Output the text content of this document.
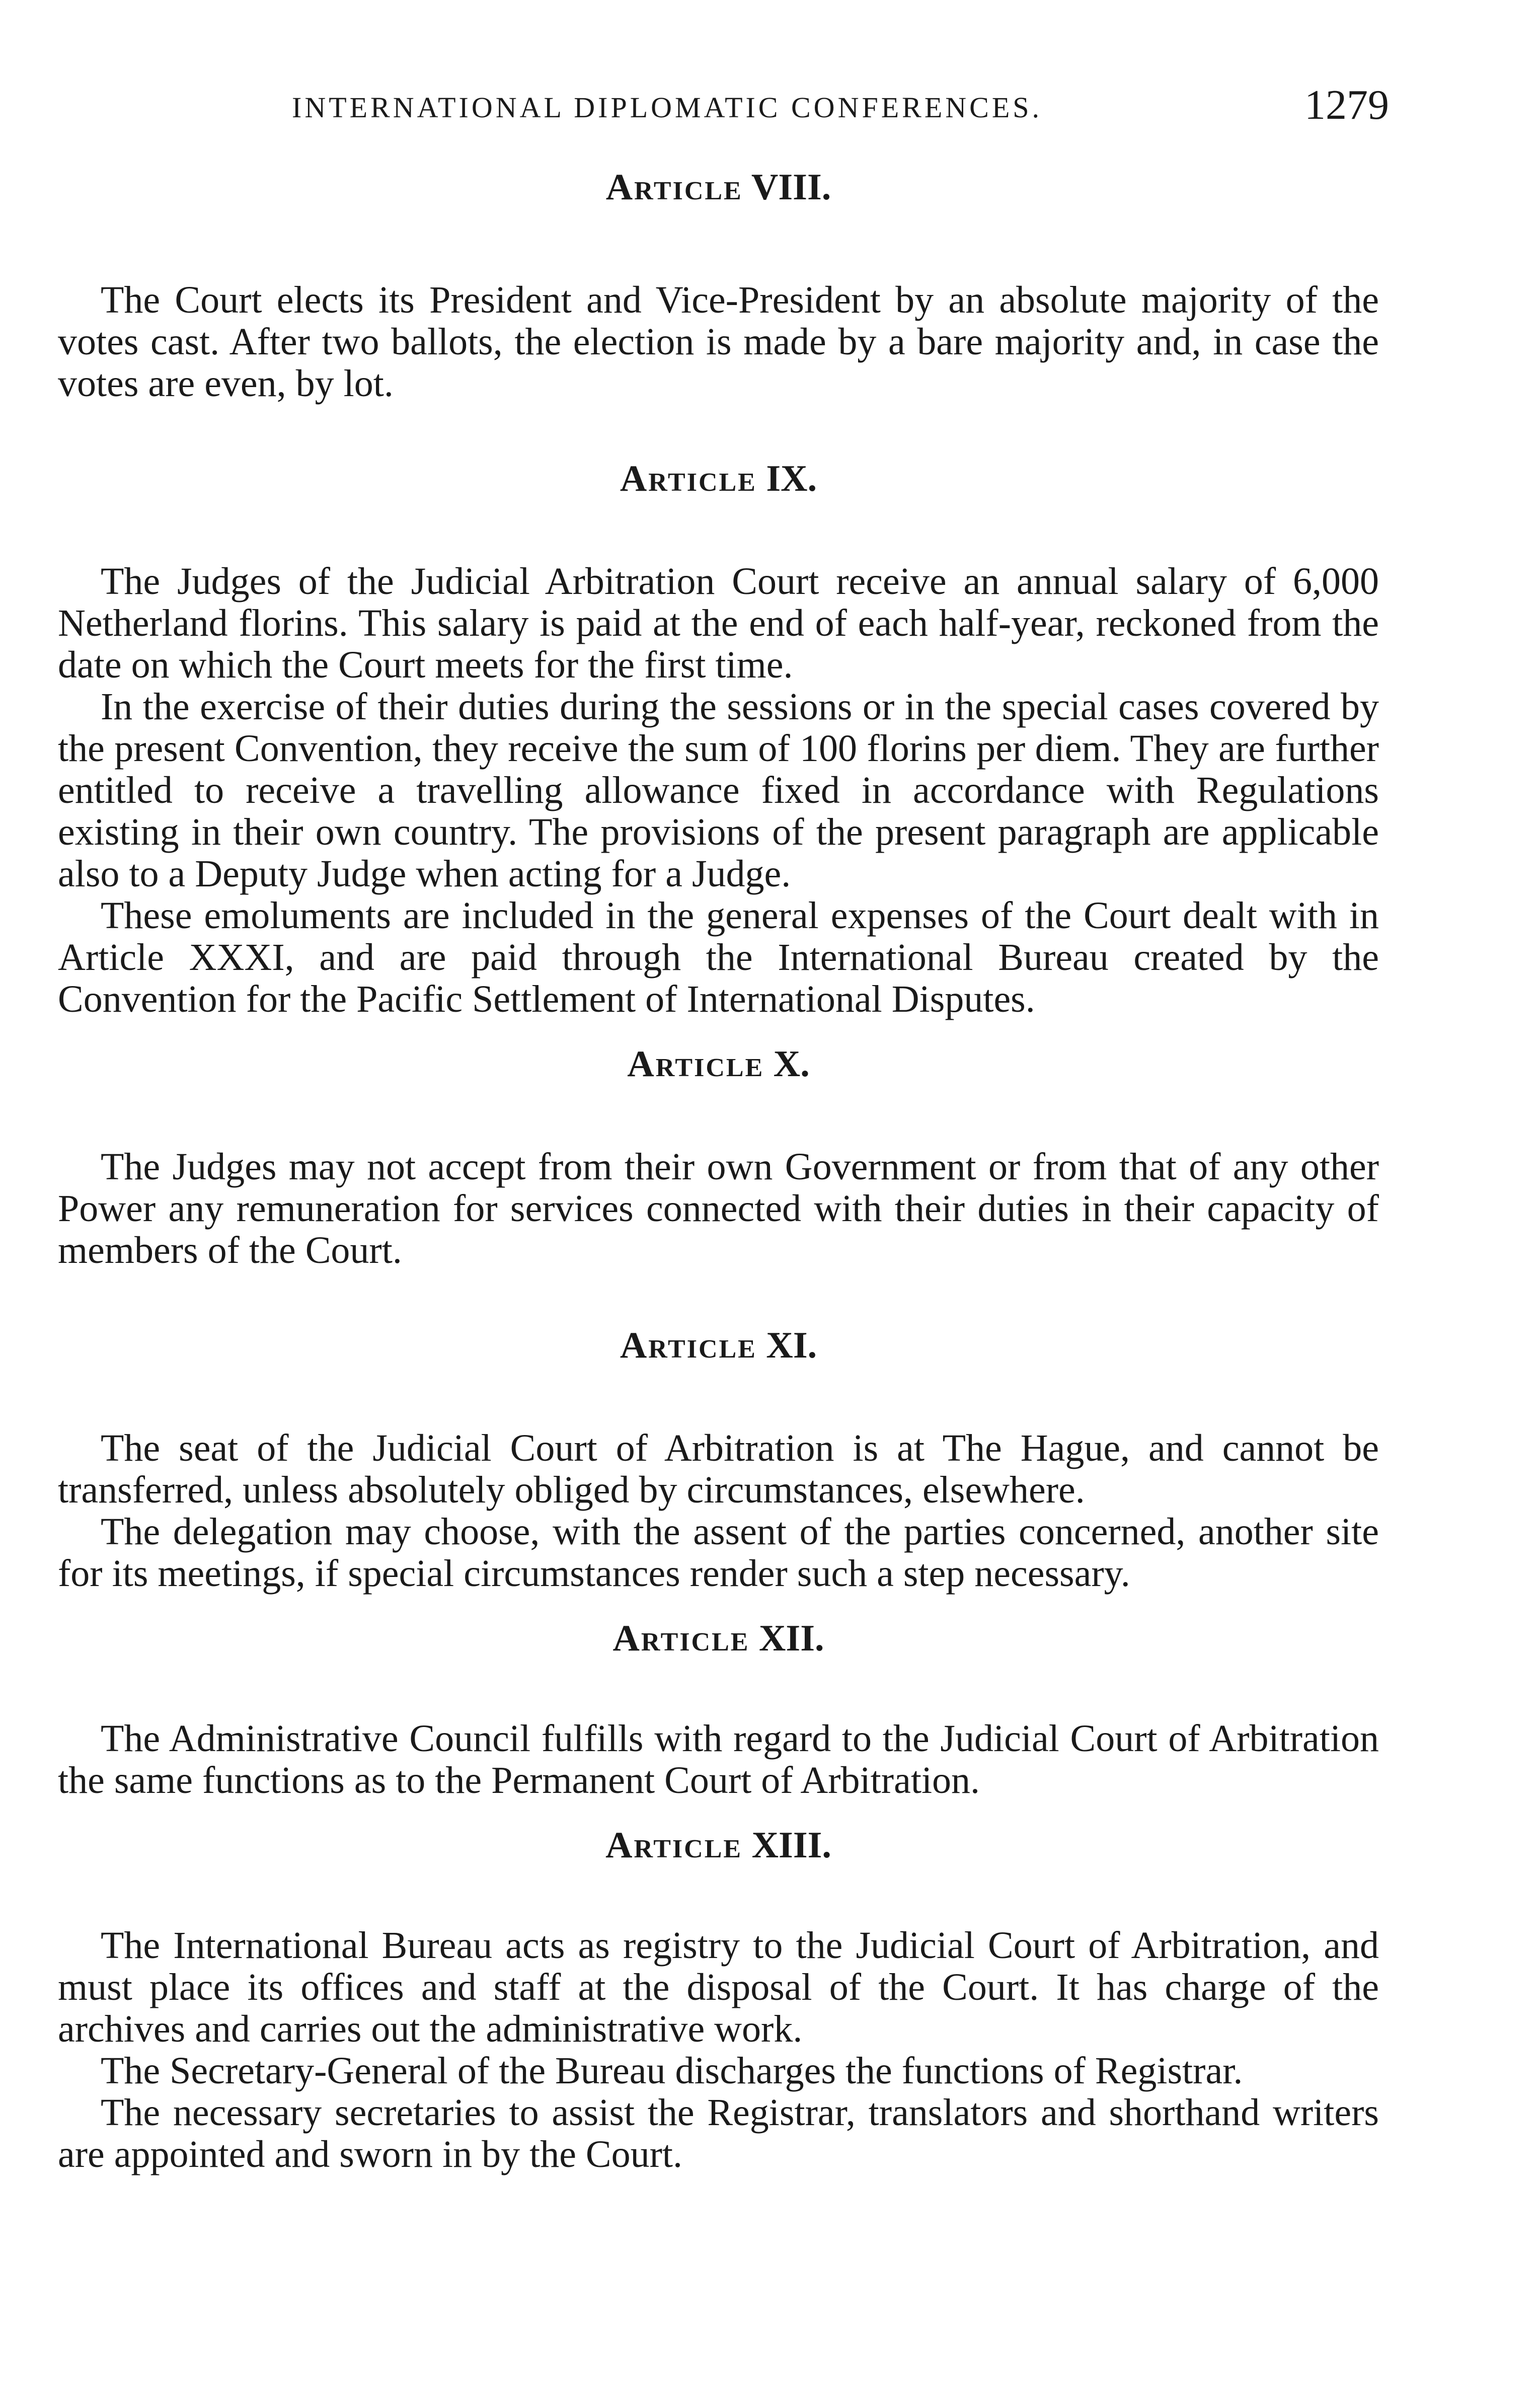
INTERNATIONAL DIPLOMATIC CONFERENCES.	1279
Article VIII.

The Court elects its President and Vice-President by an absolute majority of the votes cast. After two ballots, the election is made by a bare majority and, in case the votes are even, by lot.

Article IX.

The Judges of the Judicial Arbitration Court receive an annual salary of 6,000 Netherland florins. This salary is paid at the end of each half-year, reckoned from the date on which the Court meets for the first time.

In the exercise of their duties during the sessions or in the special cases covered by the present Convention, they receive the sum of 100 florins per diem. They are further entitled to receive a travelling allowance fixed in accordance with Regulations existing in their own country. The provisions of the present paragraph are applicable also to a Deputy Judge when acting for a Judge.

These emoluments are included in the general expenses of the Court dealt with in Article XXXI, and are paid through the International Bureau created by the Convention for the Pacific Settlement of International Disputes.

Article X.

The Judges may not accept from their own Government or from that of any other Power any remuneration for services connected with their duties in their capacity of members of the Court.

Article XI.

The seat of the Judicial Court of Arbitration is at The Hague, and cannot be transferred, unless absolutely obliged by circumstances, elsewhere.

The delegation may choose, with the assent of the parties concerned, another site for its meetings, if special circumstances render such a step necessary.

Article XII.

The Administrative Council fulfills with regard to the Judicial Court of Arbitration the same functions as to the Permanent Court of Arbitration.

Article XIII.

The International Bureau acts as registry to the Judicial Court of Arbitration, and must place its offices and staff at the disposal of the Court. It has charge of the archives and carries out the administrative work.

The Secretary-General of the Bureau discharges the functions of Registrar.

The necessary secretaries to assist the Registrar, translators and shorthand writers are appointed and sworn in by the Court.
